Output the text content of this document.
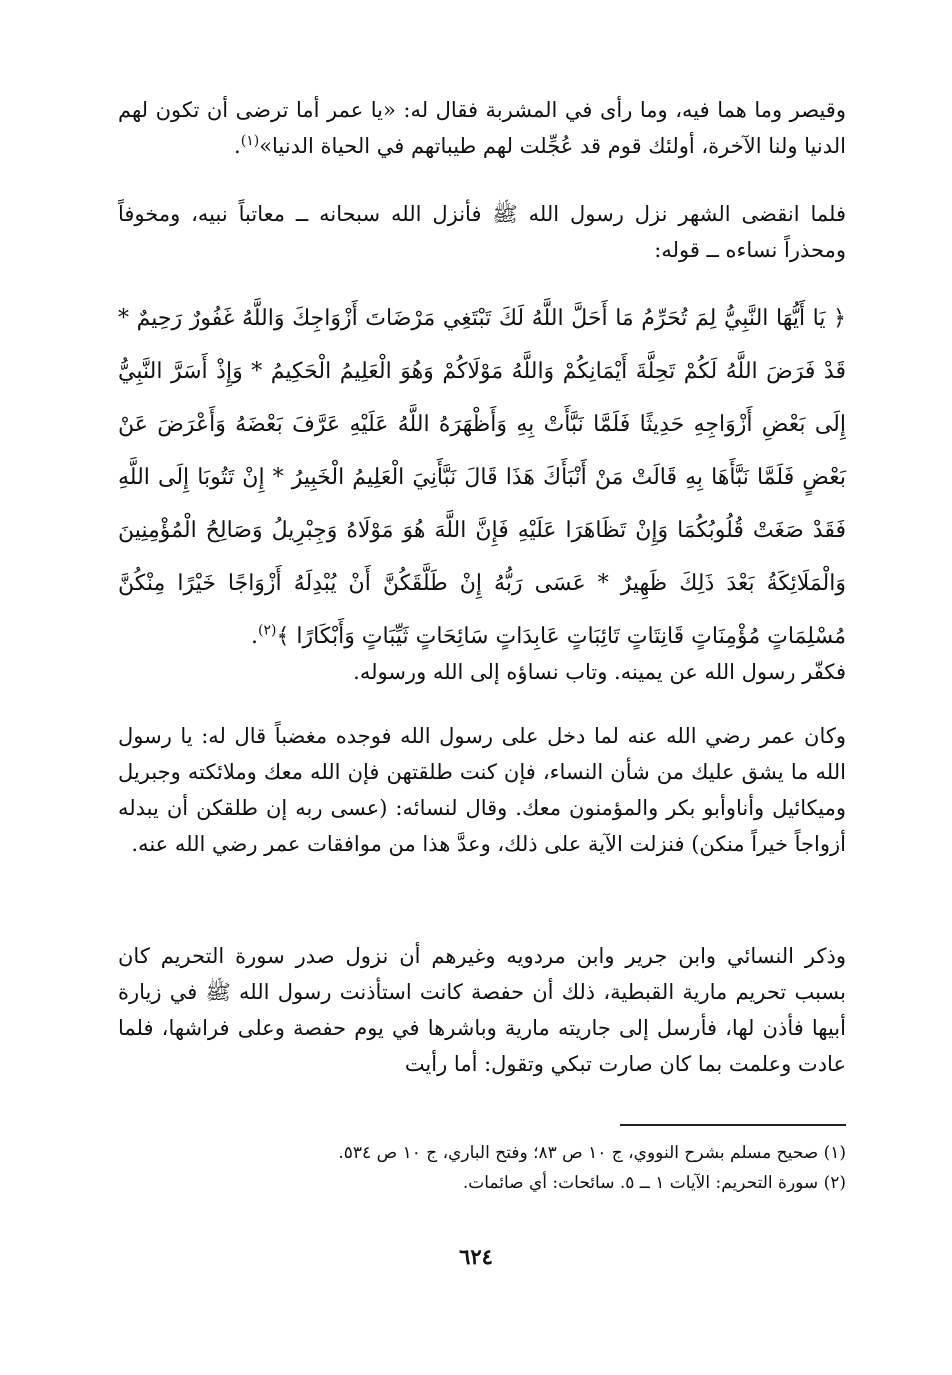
وقيصر وما هما فيه، وما رأى في المشربة فقال له: «يا عمر أما ترضى أن تكون لهم الدنيا ولنا الآخرة، أولئك قوم قد عُجِّلت لهم طيباتهم في الحياة الدنيا»$^{(١)}$.

فلما انقضى الشهر نزل رسول الله ﷺ فأنزل الله سبحانه ــ معاتباً نبيه، ومخوفاً ومحذراً نساءه ــ قوله:

﴿ يَا أَيُّهَا النَّبِيُّ لِمَ تُحَرِّمُ مَا أَحَلَّ اللَّهُ لَكَ تَبْتَغِي مَرْضَاتَ أَزْوَاجِكَ وَاللَّهُ غَفُورٌ رَحِيمٌ * قَدْ فَرَضَ اللَّهُ لَكُمْ تَحِلَّةَ أَيْمَانِكُمْ وَاللَّهُ مَوْلَاكُمْ وَهُوَ الْعَلِيمُ الْحَكِيمُ * وَإِذْ أَسَرَّ النَّبِيُّ إِلَى بَعْضِ أَزْوَاجِهِ حَدِيثًا فَلَمَّا نَبَّأَتْ بِهِ وَأَظْهَرَهُ اللَّهُ عَلَيْهِ عَرَّفَ بَعْضَهُ وَأَعْرَضَ عَنْ بَعْضٍ فَلَمَّا نَبَّأَهَا بِهِ قَالَتْ مَنْ أَنْبَأَكَ هَذَا قَالَ نَبَّأَنِيَ الْعَلِيمُ الْخَبِيرُ * إِنْ تَتُوبَا إِلَى اللَّهِ فَقَدْ صَغَتْ قُلُوبُكُمَا وَإِنْ تَظَاهَرَا عَلَيْهِ فَإِنَّ اللَّهَ هُوَ مَوْلَاهُ وَجِبْرِيلُ وَصَالِحُ الْمُؤْمِنِينَ وَالْمَلَائِكَةُ بَعْدَ ذَلِكَ ظَهِيرٌ * عَسَى رَبُّهُ إِنْ طَلَّقَكُنَّ أَنْ يُبْدِلَهُ أَزْوَاجًا خَيْرًا مِنْكُنَّ مُسْلِمَاتٍ مُؤْمِنَاتٍ قَانِتَاتٍ تَائِبَاتٍ عَابِدَاتٍ سَائِحَاتٍ ثَيِّبَاتٍ وَأَبْكَارًا ﴾$^{(٢)}$.

فكفّر رسول الله عن يمينه. وتاب نساؤه إلى الله ورسوله.

وكان عمر رضي الله عنه لما دخل على رسول الله فوجده مغضباً قال له: يا رسول الله ما يشق عليك من شأن النساء، فإن كنت طلقتهن فإن الله معك وملائكته وجبريل وميكائيل وأناوأبو بكر والمؤمنون معك. وقال لنسائه: (عسى ربه إن طلقكن أن يبدله أزواجاً خيراً منكن) فنزلت الآية على ذلك، وعدَّ هذا من موافقات عمر رضي الله عنه.

وذكر النسائي وابن جرير وابن مردويه وغيرهم أن نزول صدر سورة التحريم كان بسبب تحريم مارية القبطية، ذلك أن حفصة كانت استأذنت رسول الله ﷺ في زيارة أبيها فأذن لها، فأرسل إلى جاريته مارية وباشرها في يوم حفصة وعلى فراشها، فلما عادت وعلمت بما كان صارت تبكي وتقول: أما رأيت

(١) صحيح مسلم بشرح النووي، ج ١٠ ص ٨٣؛ وفتح الباري، ج ١٠ ص ٥٣٤.

(٢) سورة التحريم: الآيات ١ ــ ٥. سائحات: أي صائمات.

٦٢٤
